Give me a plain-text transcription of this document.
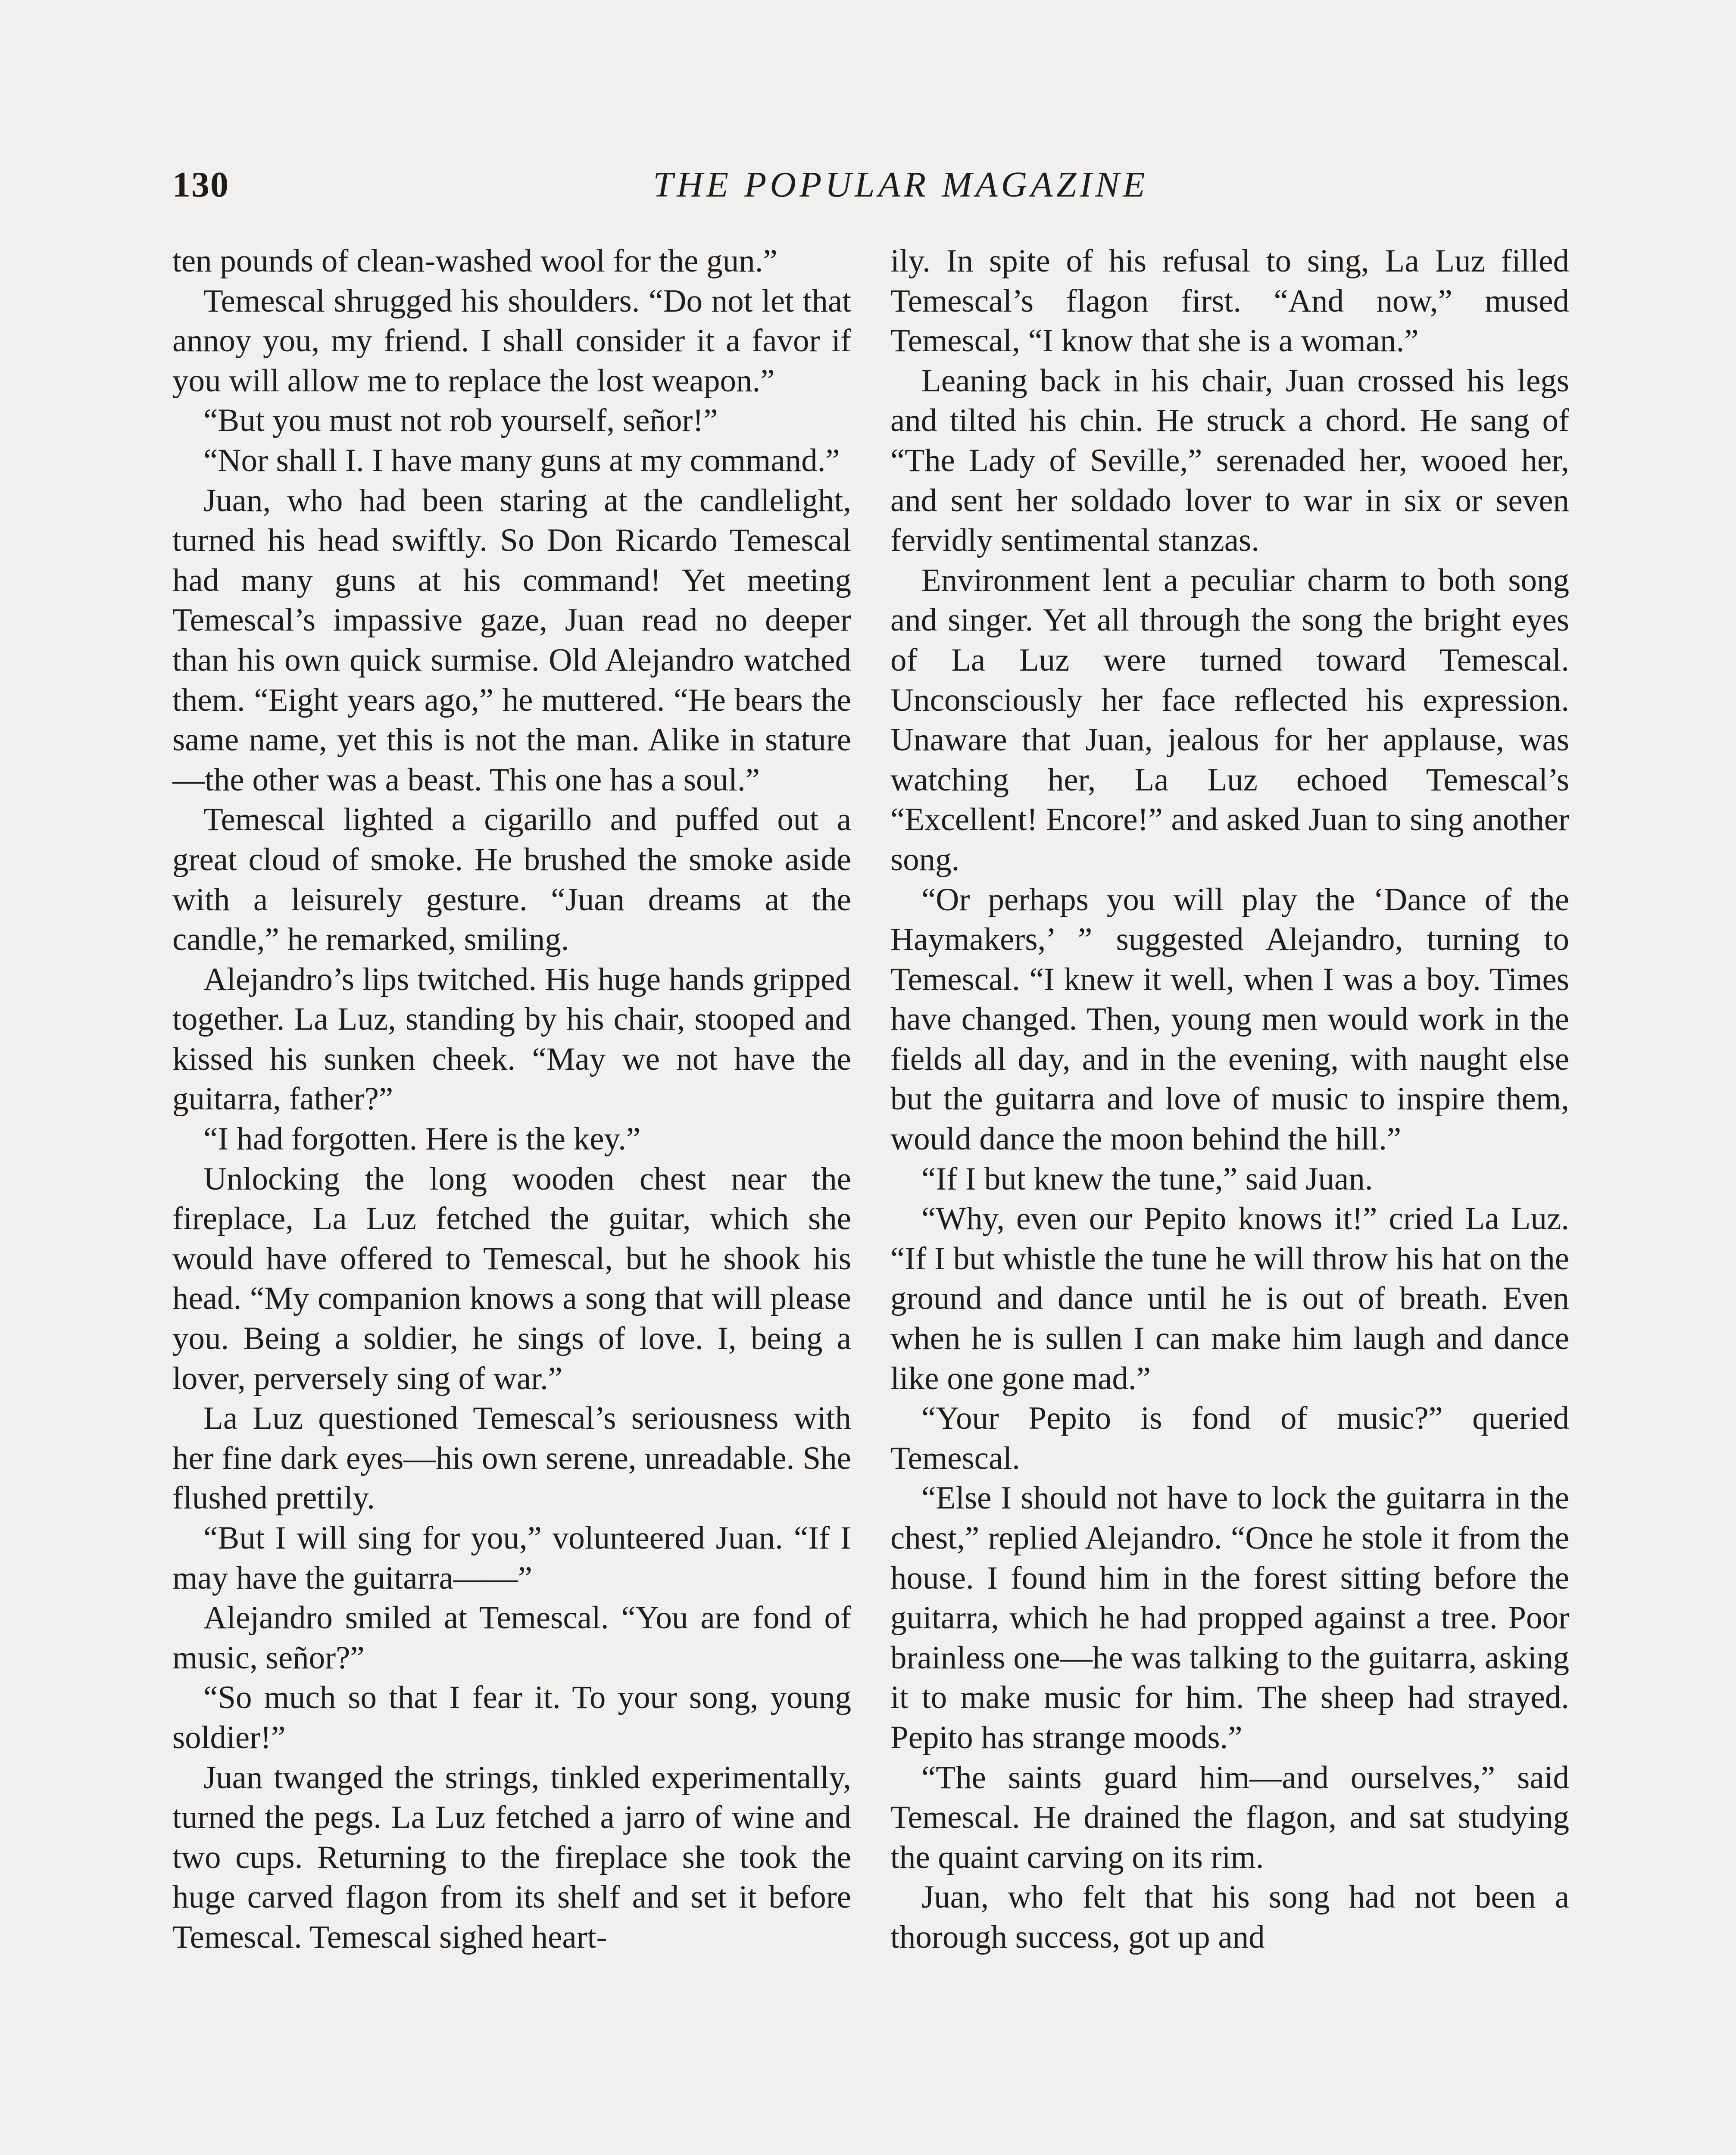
130	THE POPULAR MAGAZINE

ten pounds of clean-washed wool for the gun.”

Temescal shrugged his shoulders. “Do not let that annoy you, my friend. I shall consider it a favor if you will allow me to replace the lost weapon.”

“But you must not rob yourself, señor!”

“Nor shall I. I have many guns at my command.”

Juan, who had been staring at the candlelight, turned his head swiftly. So Don Ricardo Temescal had many guns at his command! Yet meeting Temescal’s impassive gaze, Juan read no deeper than his own quick surmise. Old Alejandro watched them. “Eight years ago,” he muttered. “He bears the same name, yet this is not the man. Alike in stature—the other was a beast. This one has a soul.”

Temescal lighted a cigarillo and puffed out a great cloud of smoke. He brushed the smoke aside with a leisurely gesture. “Juan dreams at the candle,” he remarked, smiling.

Alejandro’s lips twitched. His huge hands gripped together. La Luz, standing by his chair, stooped and kissed his sunken cheek. “May we not have the guitarra, father?”

“I had forgotten. Here is the key.”

Unlocking the long wooden chest near the fireplace, La Luz fetched the guitar, which she would have offered to Temescal, but he shook his head. “My companion knows a song that will please you. Being a soldier, he sings of love. I, being a lover, perversely sing of war.”

La Luz questioned Temescal’s seriousness with her fine dark eyes—his own serene, unreadable. She flushed prettily.

“But I will sing for you,” volunteered Juan. “If I may have the guitarra——”

Alejandro smiled at Temescal. “You are fond of music, señor?”

“So much so that I fear it. To your song, young soldier!”

Juan twanged the strings, tinkled experimentally, turned the pegs. La Luz fetched a jarro of wine and two cups. Returning to the fireplace she took the huge carved flagon from its shelf and set it before Temescal. Temescal sighed heart-

ily. In spite of his refusal to sing, La Luz filled Temescal’s flagon first. “And now,” mused Temescal, “I know that she is a woman.”

Leaning back in his chair, Juan crossed his legs and tilted his chin. He struck a chord. He sang of “The Lady of Seville,” serenaded her, wooed her, and sent her soldado lover to war in six or seven fervidly sentimental stanzas.

Environment lent a peculiar charm to both song and singer. Yet all through the song the bright eyes of La Luz were turned toward Temescal. Unconsciously her face reflected his expression. Unaware that Juan, jealous for her applause, was watching her, La Luz echoed Temescal’s “Excellent! Encore!” and asked Juan to sing another song.

“Or perhaps you will play the ‘Dance of the Haymakers,’ ” suggested Alejandro, turning to Temescal. “I knew it well, when I was a boy. Times have changed. Then, young men would work in the fields all day, and in the evening, with naught else but the guitarra and love of music to inspire them, would dance the moon behind the hill.”

“If I but knew the tune,” said Juan.

“Why, even our Pepito knows it!” cried La Luz. “If I but whistle the tune he will throw his hat on the ground and dance until he is out of breath. Even when he is sullen I can make him laugh and dance like one gone mad.”

“Your Pepito is fond of music?” queried Temescal.

“Else I should not have to lock the guitarra in the chest,” replied Alejandro. “Once he stole it from the house. I found him in the forest sitting before the guitarra, which he had propped against a tree. Poor brainless one—he was talking to the guitarra, asking it to make music for him. The sheep had strayed. Pepito has strange moods.”

“The saints guard him—and ourselves,” said Temescal. He drained the flagon, and sat studying the quaint carving on its rim.

Juan, who felt that his song had not been a thorough success, got up and
